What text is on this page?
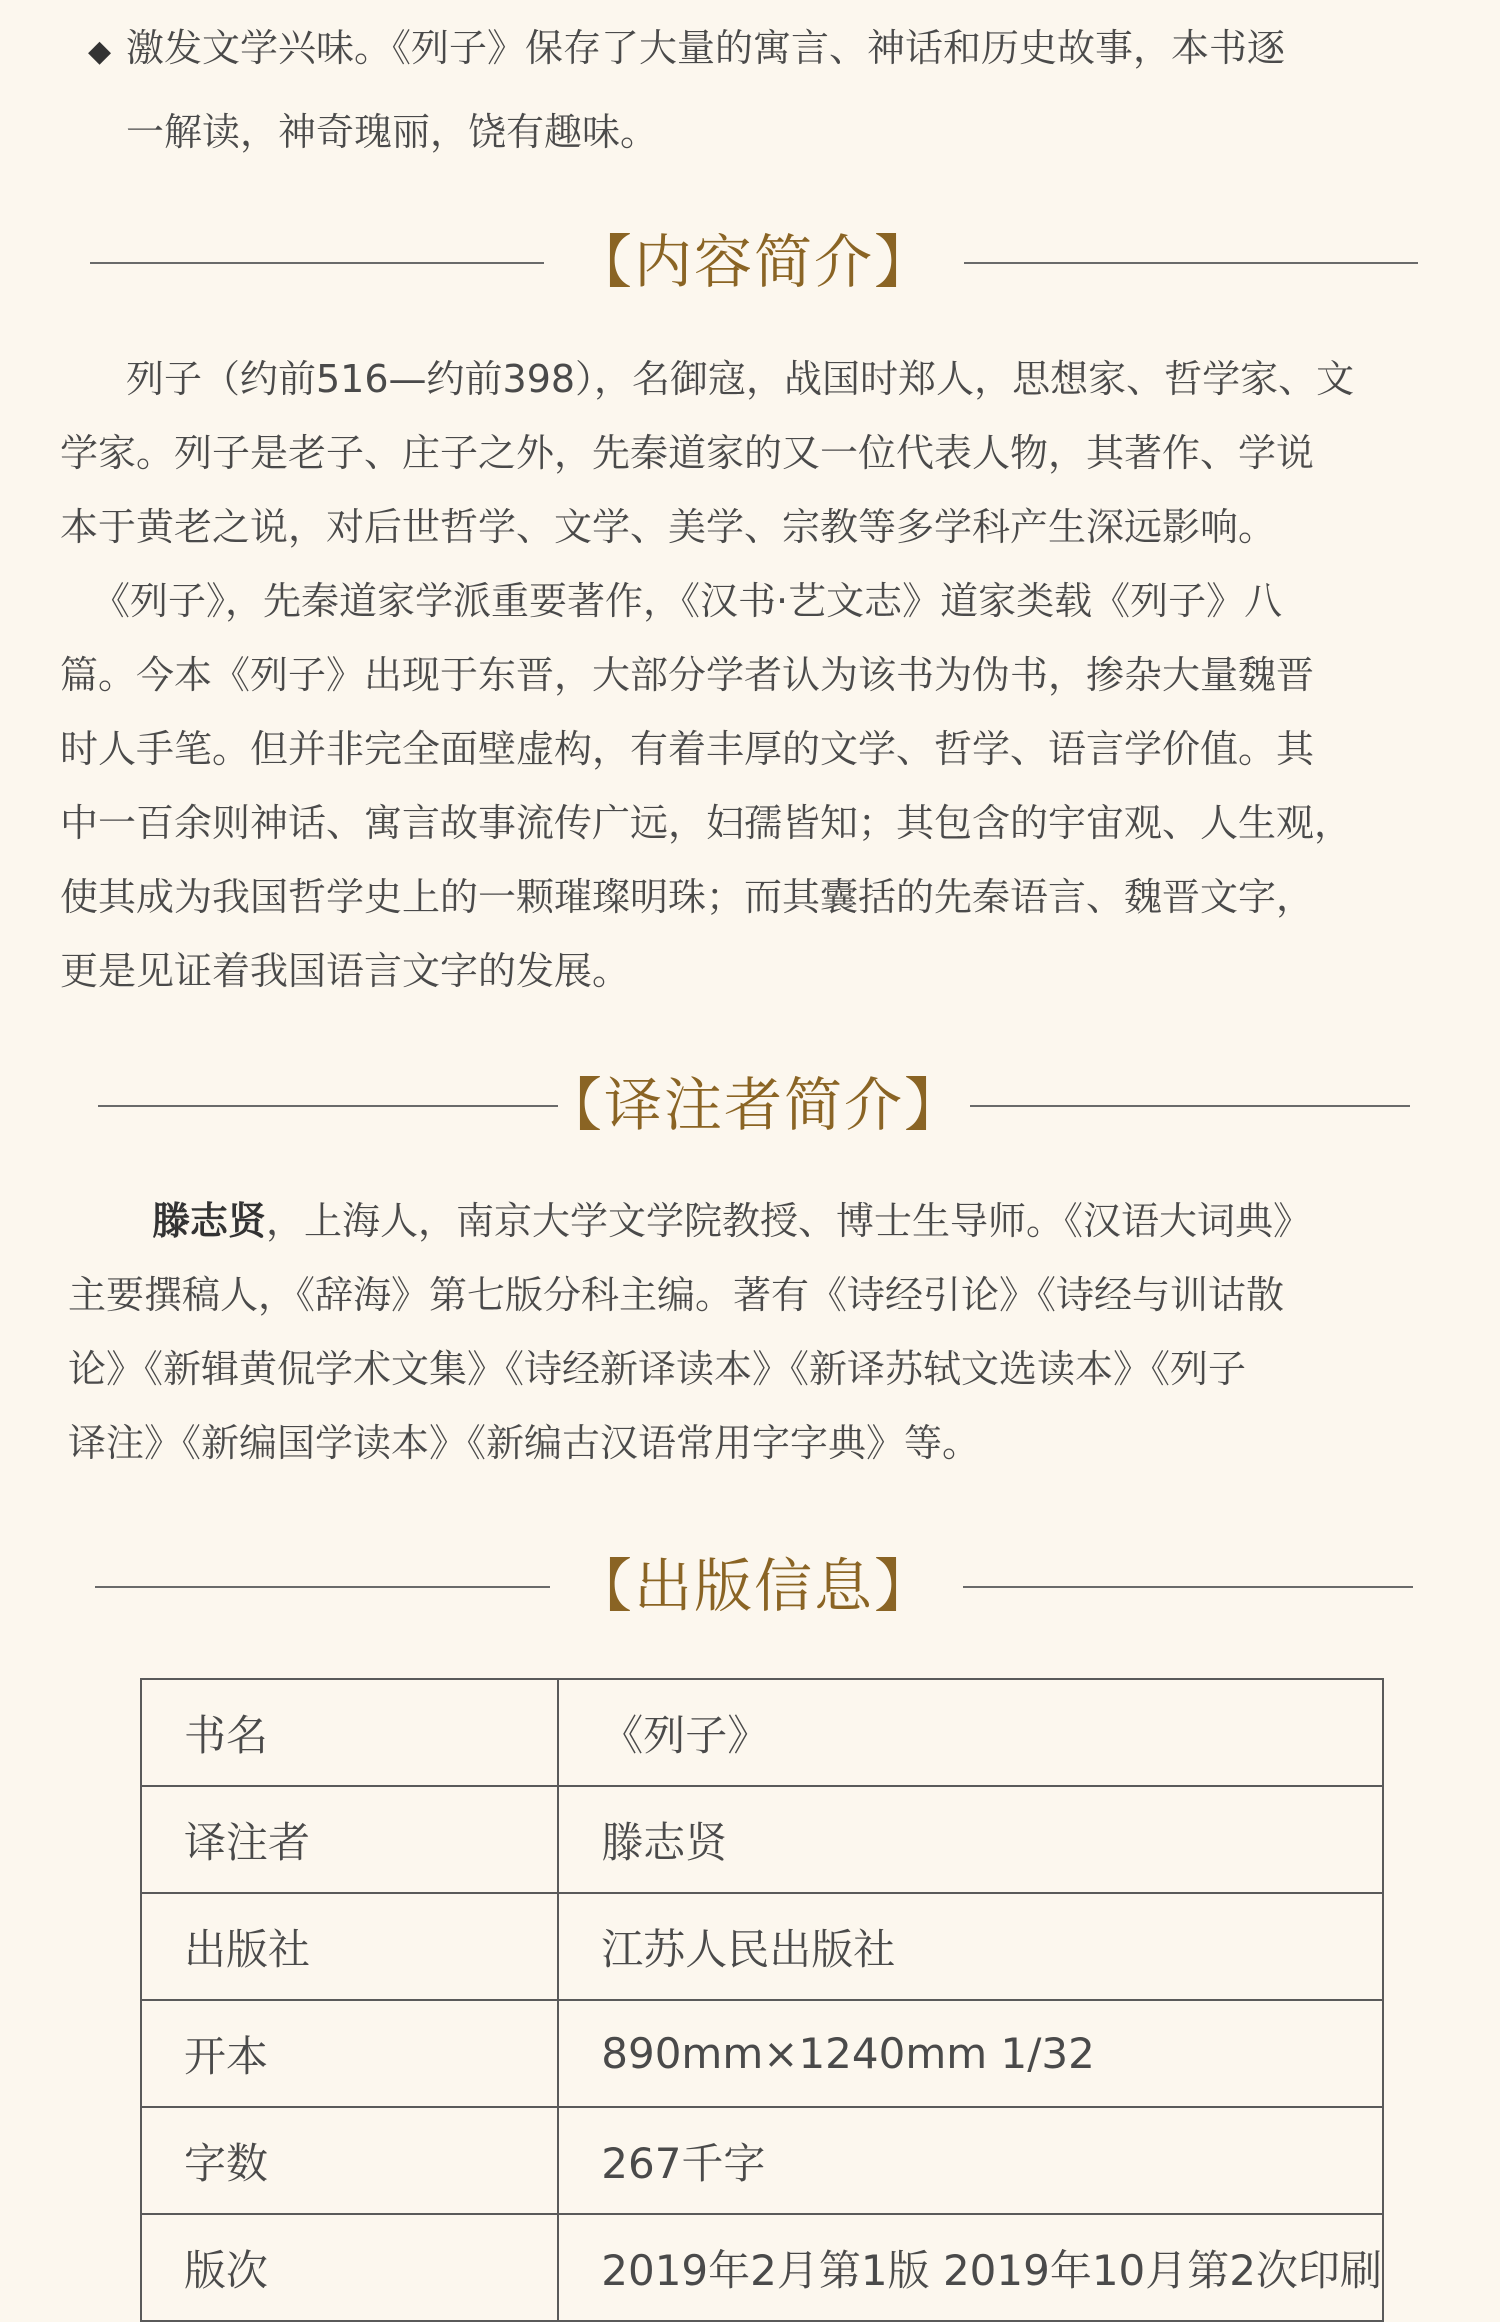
◆ 激发文学兴味。《列子》保存了大量的寓言、神话和历史故事，本书逐
一解读，神奇瑰丽，饶有趣味。
【内容简介】
列子（约前516—约前398），名御寇，战国时郑人，思想家、哲学家、文
学家。列子是老子、庄子之外，先秦道家的又一位代表人物，其著作、学说
本于黄老之说，对后世哲学、文学、美学、宗教等多学科产生深远影响。
《列子》，先秦道家学派重要著作，《汉书·艺文志》道家类载《列子》八
篇。今本《列子》出现于东晋，大部分学者认为该书为伪书，掺杂大量魏晋
时人手笔。但并非完全面壁虚构，有着丰厚的文学、哲学、语言学价值。其
中一百余则神话、寓言故事流传广远，妇孺皆知；其包含的宇宙观、人生观，
使其成为我国哲学史上的一颗璀璨明珠；而其囊括的先秦语言、魏晋文字，
更是见证着我国语言文字的发展。
【译注者简介】
滕志贤，上海人，南京大学文学院教授、博士生导师。《汉语大词典》
主要撰稿人，《辞海》第七版分科主编。著有《诗经引论》《诗经与训诂散
论》《新辑黄侃学术文集》《诗经新译读本》《新译苏轼文选读本》《列子
译注》《新编国学读本》《新编古汉语常用字字典》等。
【出版信息】
书名	《列子》
译注者	滕志贤
出版社	江苏人民出版社
开本	890mm×1240mm 1/32
字数	267千字
版次	2019年2月第1版 2019年10月第2次印刷
